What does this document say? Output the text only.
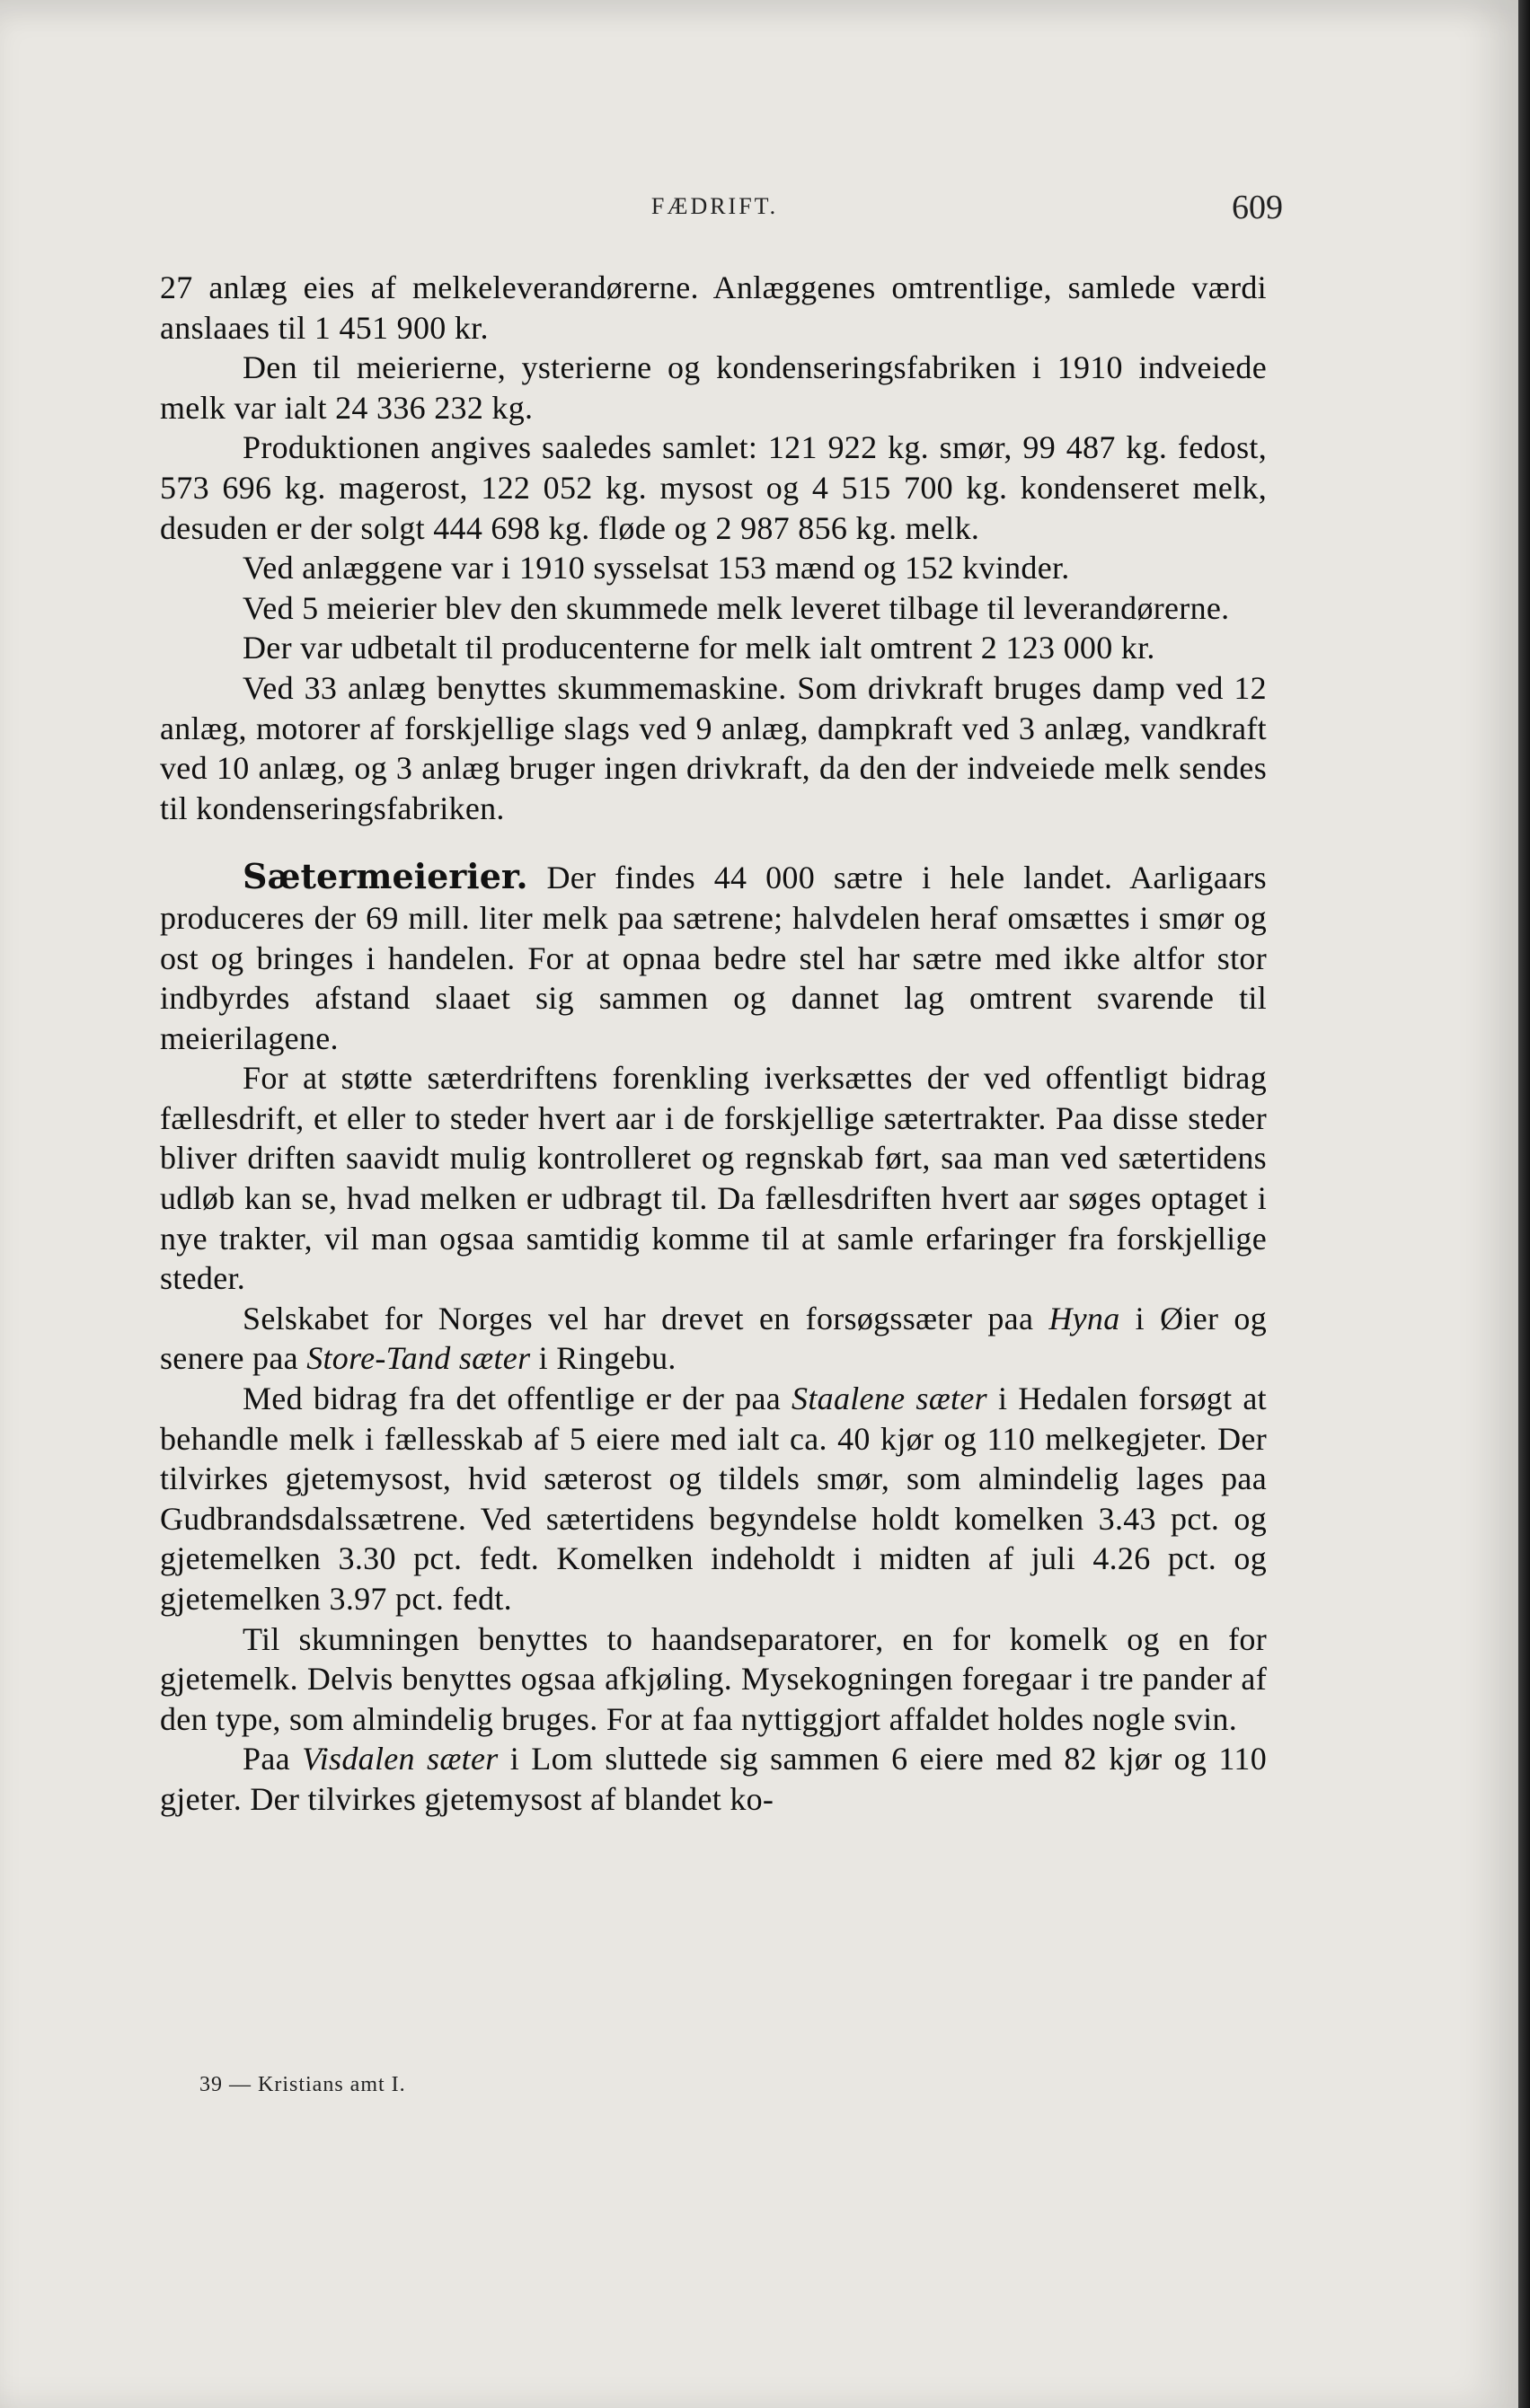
FÆDRIFT.	609

27 anlæg eies af melkeleverandørerne. Anlæggenes omtrentlige, samlede værdi anslaaes til 1 451 900 kr.

Den til meierierne, ysterierne og kondenseringsfabriken i 1910 indveiede melk var ialt 24 336 232 kg.

Produktionen angives saaledes samlet: 121 922 kg. smør, 99 487 kg. fedost, 573 696 kg. magerost, 122 052 kg. mysost og 4 515 700 kg. kondenseret melk, desuden er der solgt 444 698 kg. fløde og 2 987 856 kg. melk.

Ved anlæggene var i 1910 sysselsat 153 mænd og 152 kvinder.

Ved 5 meierier blev den skummede melk leveret tilbage til leverandørerne.

Der var udbetalt til producenterne for melk ialt omtrent 2 123 000 kr.

Ved 33 anlæg benyttes skummemaskine. Som drivkraft bruges damp ved 12 anlæg, motorer af forskjellige slags ved 9 anlæg, dampkraft ved 3 anlæg, vandkraft ved 10 anlæg, og 3 anlæg bruger ingen drivkraft, da den der indveiede melk sendes til kondenseringsfabriken.

Sætermeierier. Der findes 44 000 sætre i hele landet. Aarligaars produceres der 69 mill. liter melk paa sætrene; halvdelen heraf omsættes i smør og ost og bringes i handelen. For at opnaa bedre stel har sætre med ikke altfor stor indbyrdes afstand slaaet sig sammen og dannet lag omtrent svarende til meierilagene.

For at støtte sæterdriftens forenkling iverksættes der ved offentligt bidrag fællesdrift, et eller to steder hvert aar i de forskjellige sætertrakter. Paa disse steder bliver driften saavidt mulig kontrolleret og regnskab ført, saa man ved sætertidens udløb kan se, hvad melken er udbragt til. Da fællesdriften hvert aar søges optaget i nye trakter, vil man ogsaa samtidig komme til at samle erfaringer fra forskjellige steder.

Selskabet for Norges vel har drevet en forsøgssæter paa Hyna i Øier og senere paa Store-Tand sæter i Ringebu.

Med bidrag fra det offentlige er der paa Staalene sæter i Hedalen forsøgt at behandle melk i fællesskab af 5 eiere med ialt ca. 40 kjør og 110 melkegjeter. Der tilvirkes gjetemysost, hvid sæterost og tildels smør, som almindelig lages paa Gudbrandsdalssætrene. Ved sætertidens begyndelse holdt komelken 3.43 pct. og gjetemelken 3.30 pct. fedt. Komelken indeholdt i midten af juli 4.26 pct. og gjetemelken 3.97 pct. fedt.

Til skumningen benyttes to haandseparatorer, en for komelk og en for gjetemelk. Delvis benyttes ogsaa afkjøling. Mysekogningen foregaar i tre pander af den type, som almindelig bruges. For at faa nyttiggjort affaldet holdes nogle svin.

Paa Visdalen sæter i Lom sluttede sig sammen 6 eiere med 82 kjør og 110 gjeter. Der tilvirkes gjetemysost af blandet ko-

39 — Kristians amt I.
